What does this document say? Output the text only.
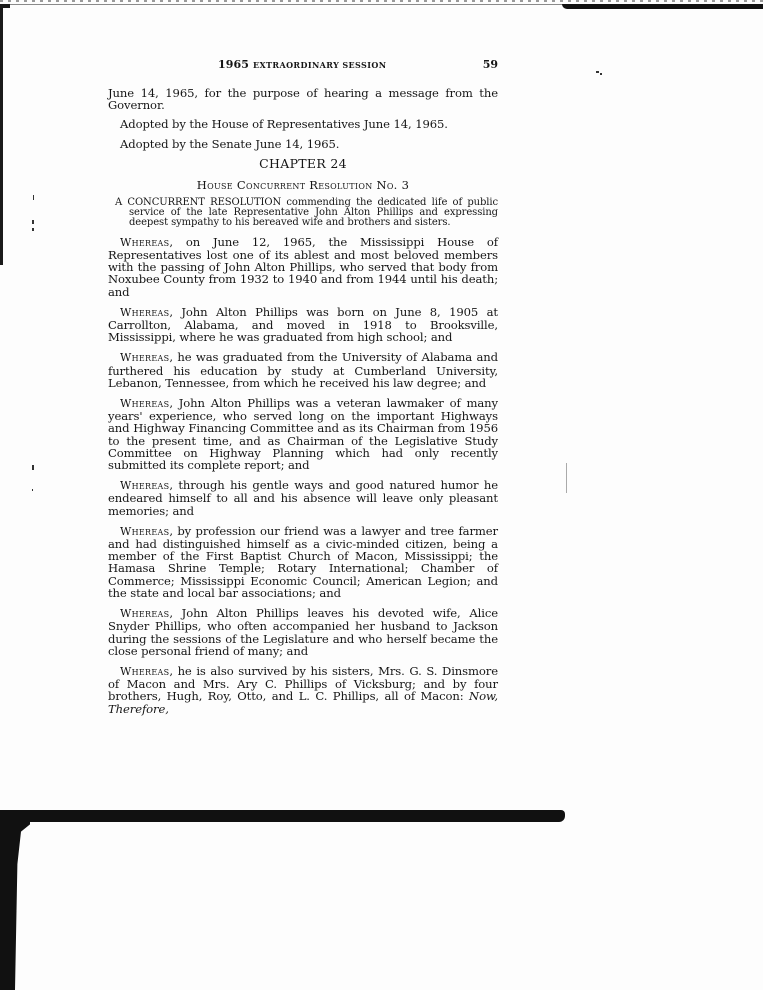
1965 EXTRAORDINARY SESSION	59

June 14, 1965, for the purpose of hearing a message from the Governor.

Adopted by the House of Representatives June 14, 1965.

Adopted by the Senate June 14, 1965.

CHAPTER 24

House Concurrent Resolution No. 3

A CONCURRENT RESOLUTION commending the dedicated life of public service of the late Representative John Alton Phillips and expressing deepest sympathy to his bereaved wife and brothers and sisters.

Whereas, on June 12, 1965, the Mississippi House of Representatives lost one of its ablest and most beloved members with the passing of John Alton Phillips, who served that body from Noxubee County from 1932 to 1940 and from 1944 until his death; and

Whereas, John Alton Phillips was born on June 8, 1905 at Carrollton, Alabama, and moved in 1918 to Brooksville, Mississippi, where he was graduated from high school; and

Whereas, he was graduated from the University of Alabama and furthered his education by study at Cumberland University, Lebanon, Tennessee, from which he received his law degree; and

Whereas, John Alton Phillips was a veteran lawmaker of many years' experience, who served long on the important Highways and Highway Financing Committee and as its Chairman from 1956 to the present time, and as Chairman of the Legislative Study Committee on Highway Planning which had only recently submitted its complete report; and

Whereas, through his gentle ways and good natured humor he endeared himself to all and his absence will leave only pleasant memories; and

Whereas, by profession our friend was a lawyer and tree farmer and had distinguished himself as a civic-minded citizen, being a member of the First Baptist Church of Macon, Mississippi; the Hamasa Shrine Temple; Rotary International; Chamber of Commerce; Mississippi Economic Council; American Legion; and the state and local bar associations; and

Whereas, John Alton Phillips leaves his devoted wife, Alice Snyder Phillips, who often accompanied her husband to Jackson during the sessions of the Legislature and who herself became the close personal friend of many; and

Whereas, he is also survived by his sisters, Mrs. G. S. Dinsmore of Macon and Mrs. Ary C. Phillips of Vicksburg; and by four brothers, Hugh, Roy, Otto, and L. C. Phillips, all of Macon: Now, Therefore,
